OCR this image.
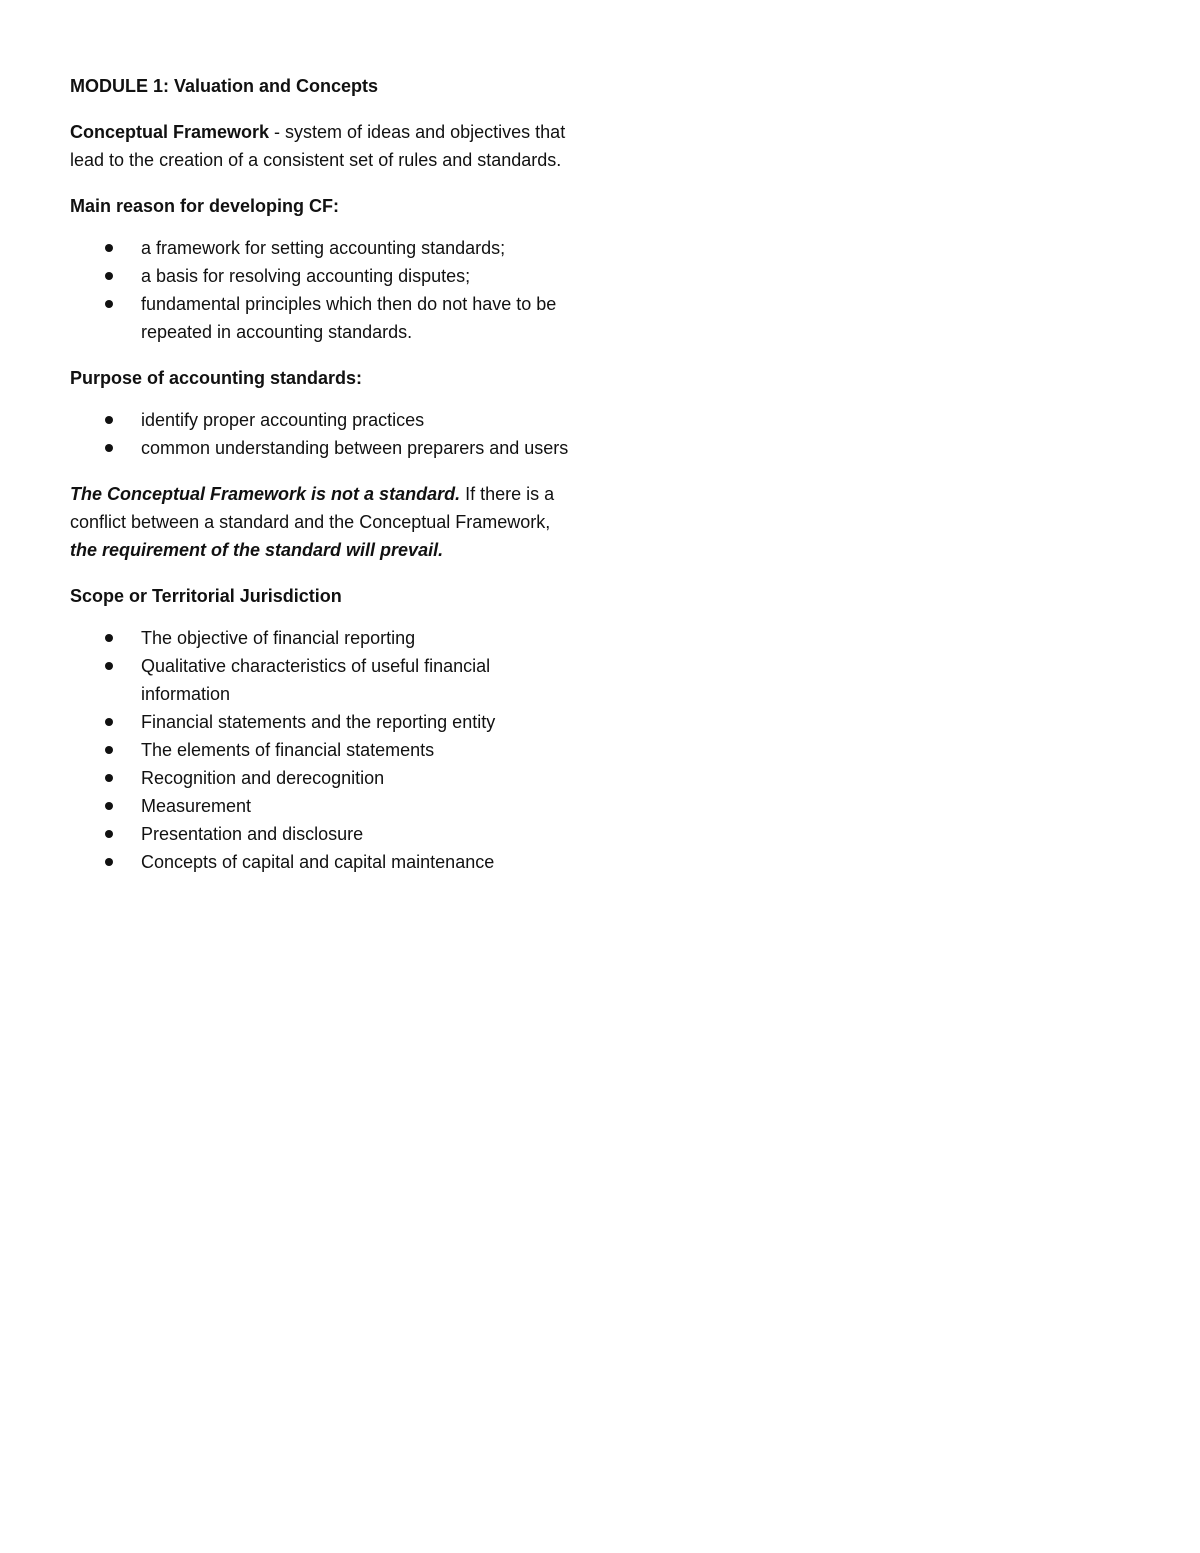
MODULE 1: Valuation and Concepts

Conceptual Framework - system of ideas and objectives that lead to the creation of a consistent set of rules and standards.

Main reason for developing CF:

a framework for setting accounting standards;
a basis for resolving accounting disputes;
fundamental principles which then do not have to be repeated in accounting standards.

Purpose of accounting standards:

identify proper accounting practices
common understanding between preparers and users

The Conceptual Framework is not a standard. If there is a conflict between a standard and the Conceptual Framework, the requirement of the standard will prevail.

Scope or Territorial Jurisdiction

The objective of financial reporting
Qualitative characteristics of useful financial information
Financial statements and the reporting entity
The elements of financial statements
Recognition and derecognition
Measurement
Presentation and disclosure
Concepts of capital and capital maintenance
